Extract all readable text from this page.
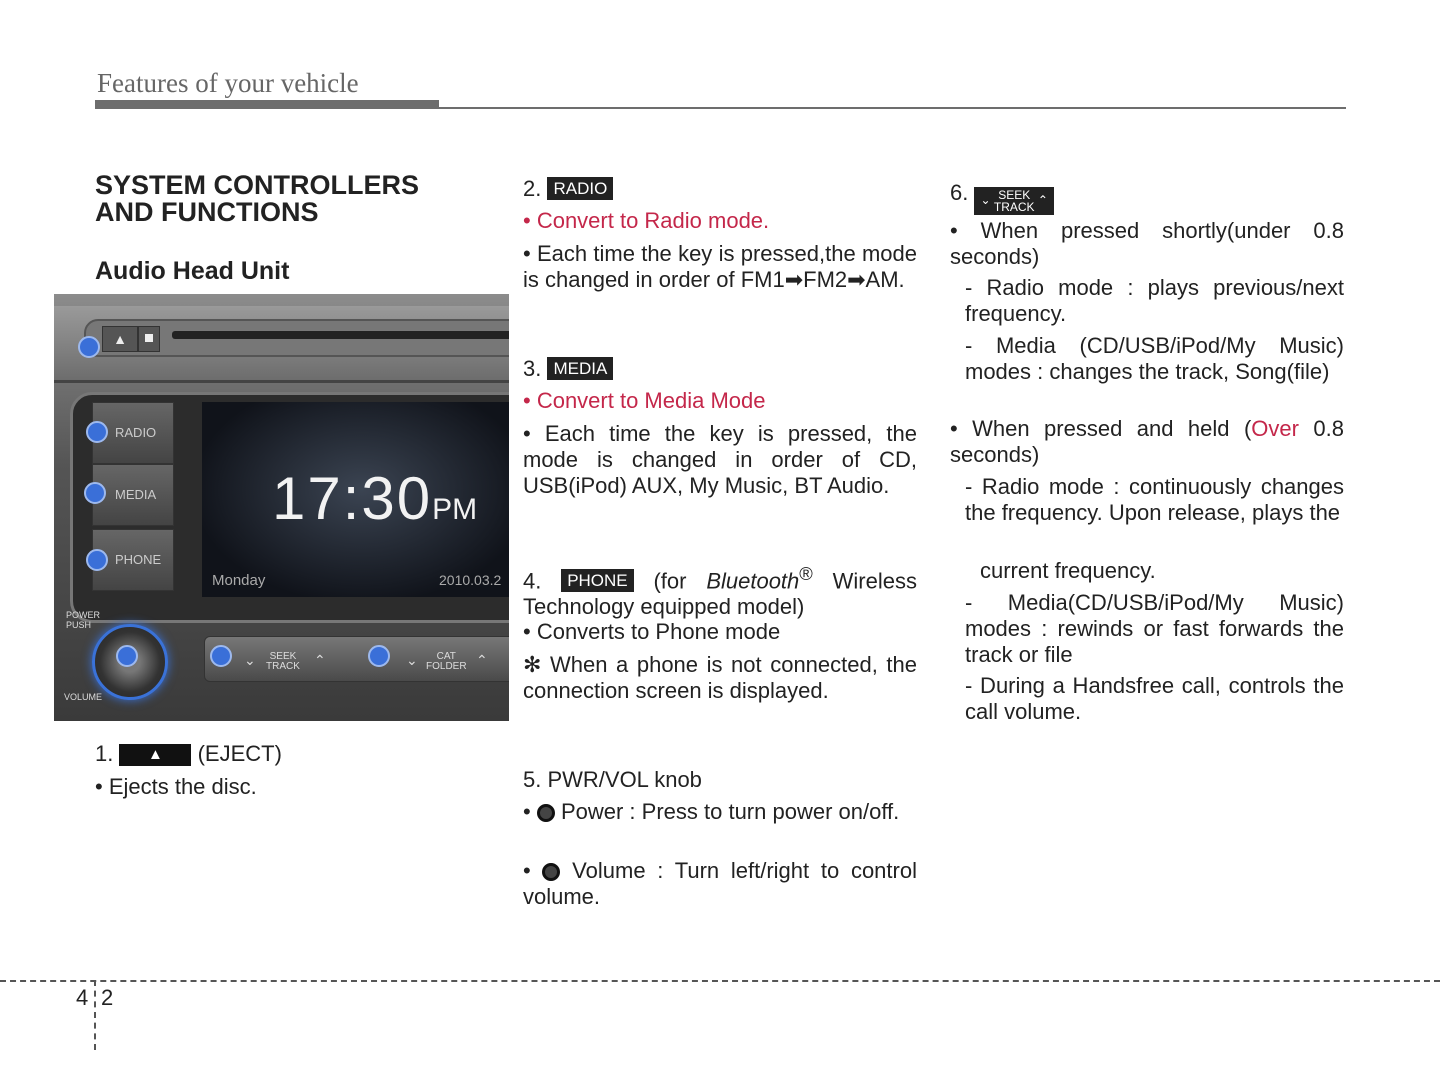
Features of your vehicle
SYSTEM CONTROLLERS
AND FUNCTIONS
Audio Head Unit
▲
RADIO
MEDIA
PHONE
17:30PM
Monday	2010.03.2
POWER
PUSH
VOLUME
⌄	SEEK
TRACK ⌃	⌄	CAT
FOLDER ⌃
1. ▲ (EJECT)
• Ejects the disc.
2. RADIO
• Convert to Radio mode.
• Each time the key is pressed,the mode is changed in order of FM1➡FM2➡AM.
3. MEDIA
• Convert to Media Mode
• Each time the key is pressed, the mode is changed in order of CD, USB(iPod) AUX, My Music, BT Audio.
4. PHONE (for Bluetooth® Wireless Technology equipped model)
• Converts to Phone mode
✻ When a phone is not connected, the connection screen is displayed.
5. PWR/VOL knob
•  Power : Press to turn power on/off.
•  Volume : Turn left/right to control volume.
6. ⌄ SEEK
TRACK ⌃
• When pressed shortly(under 0.8 seconds)
- Radio mode : plays previous/next frequency.
- Media (CD/USB/iPod/My Music) modes : changes the track, Song(file)
• When pressed and held (Over 0.8 seconds)
- Radio mode : continuously changes the frequency. Upon release, plays the
current frequency.
- Media(CD/USB/iPod/My Music) modes : rewinds or fast forwards the track or file
- During a Handsfree call, controls the call volume.
4 2
